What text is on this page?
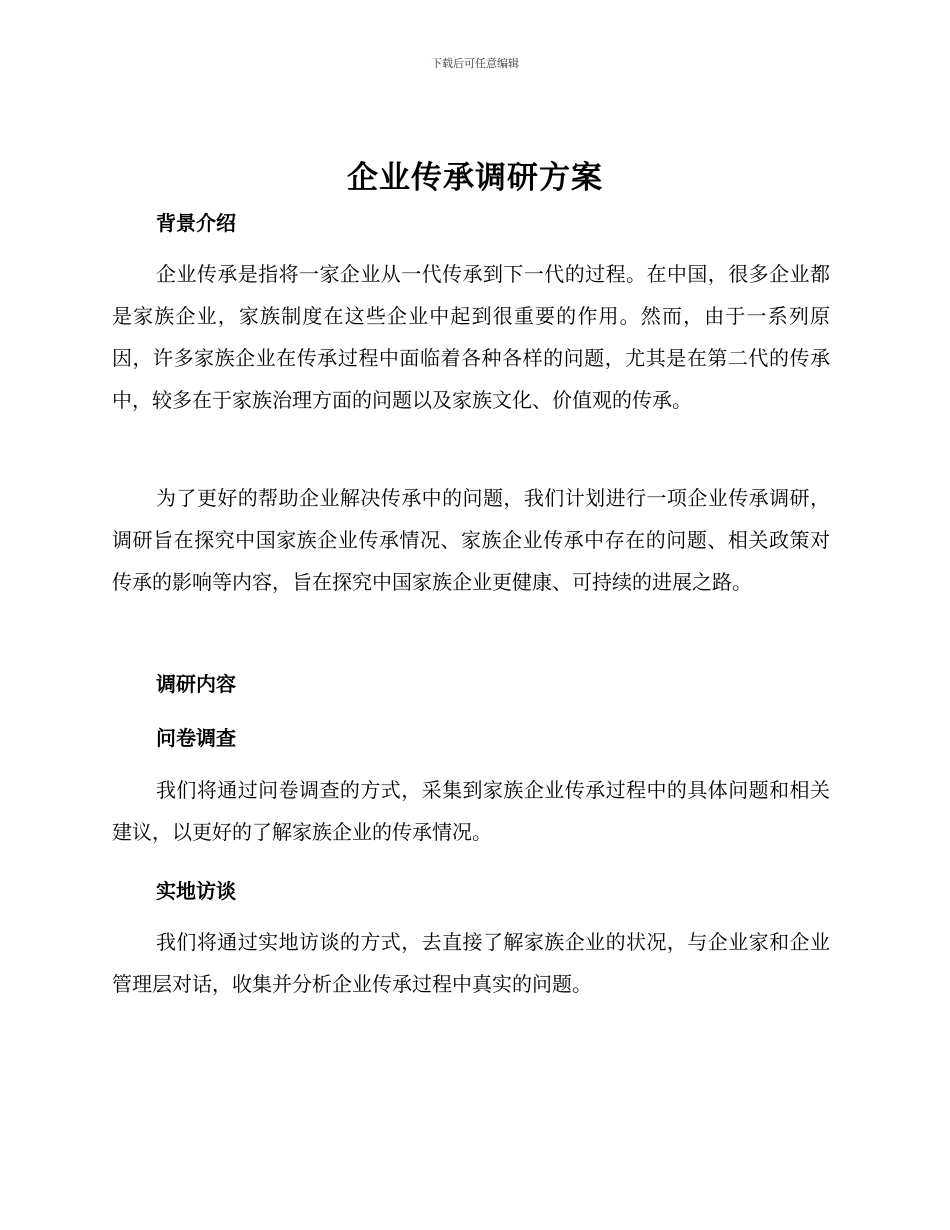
下载后可任意编辑
企业传承调研方案
背景介绍
企业传承是指将一家企业从一代传承到下一代的过程。在中国，很多企业都是家族企业，家族制度在这些企业中起到很重要的作用。然而，由于一系列原因，许多家族企业在传承过程中面临着各种各样的问题，尤其是在第二代的传承中，较多在于家族治理方面的问题以及家族文化、价值观的传承。
为了更好的帮助企业解决传承中的问题，我们计划进行一项企业传承调研，调研旨在探究中国家族企业传承情况、家族企业传承中存在的问题、相关政策对传承的影响等内容，旨在探究中国家族企业更健康、可持续的进展之路。
调研内容
问卷调查
我们将通过问卷调查的方式，采集到家族企业传承过程中的具体问题和相关建议，以更好的了解家族企业的传承情况。
实地访谈
我们将通过实地访谈的方式，去直接了解家族企业的状况，与企业家和企业管理层对话，收集并分析企业传承过程中真实的问题。
